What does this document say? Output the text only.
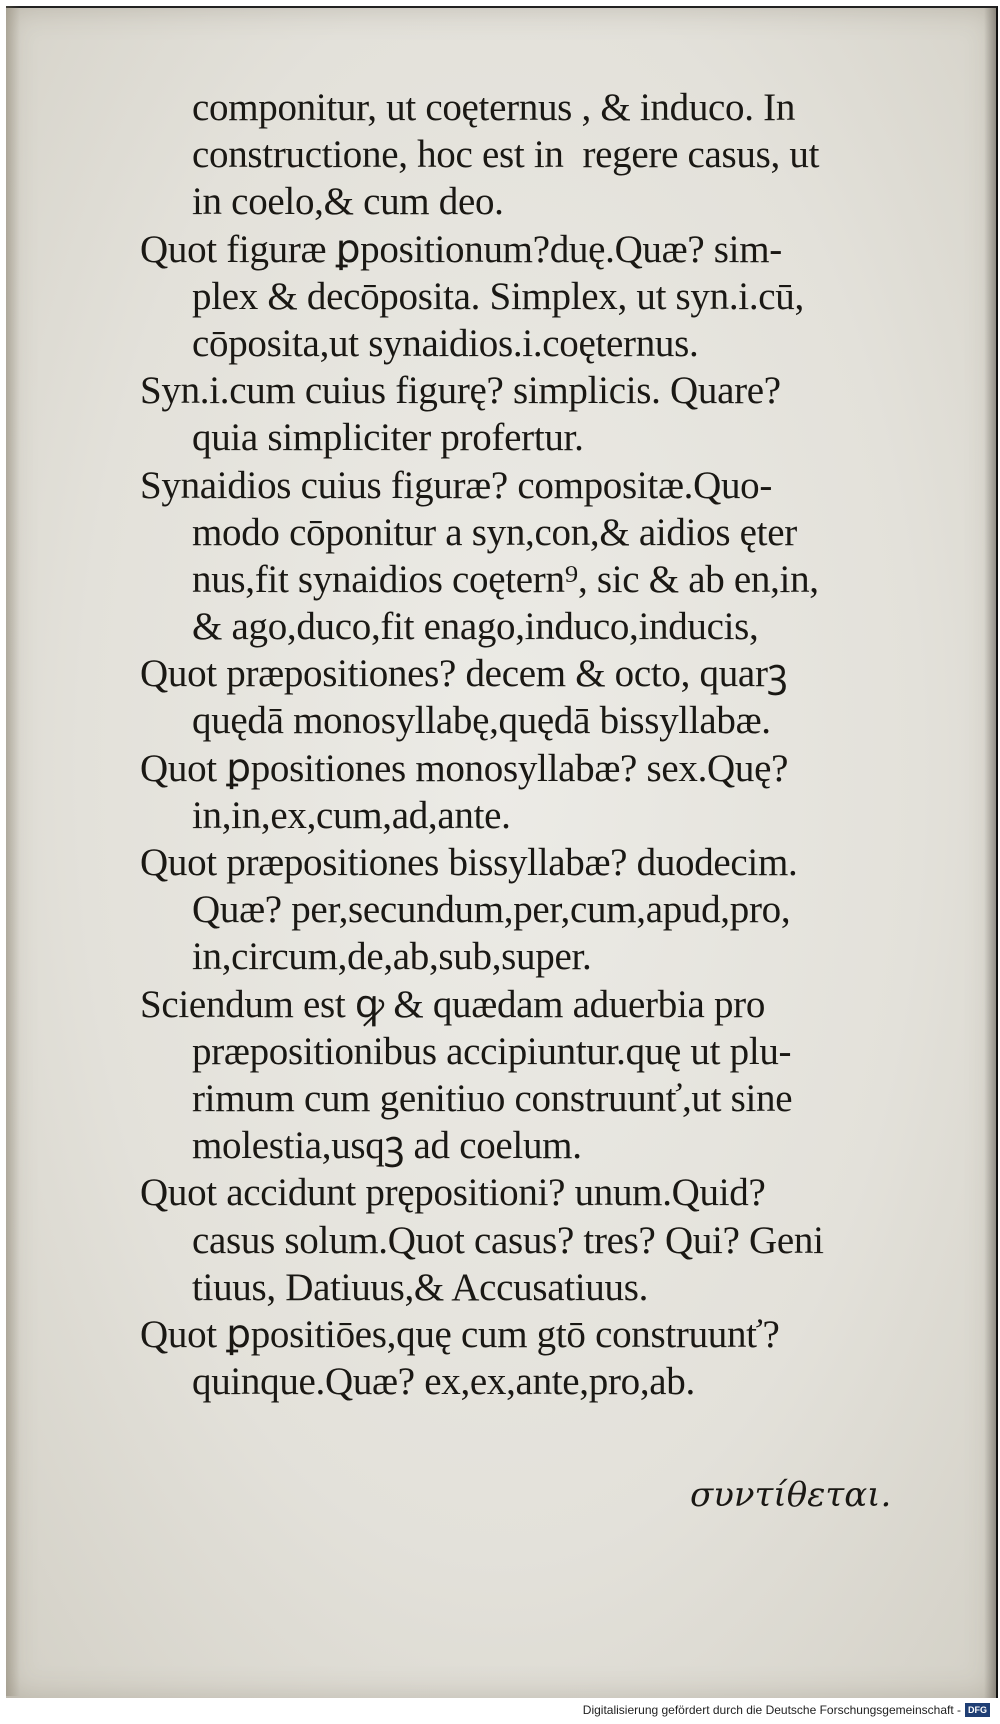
componitur, ut coęternus , & induco. In
constructione, hoc est in  regere casus, ut
in coelo,& cum deo.
Quot figuræ ꝑpositionum?duę.Quæ? sim-
plex & decōposita. Simplex, ut syn.i.cū,
cōposita,ut synaidios.i.coęternus.
Syn.i.cum cuius figurę? simplicis. Quare?
quia simpliciter profertur.
Synaidios cuius figuræ? compositæ.Quo-
modo cōponitur a syn,con,& aidios ęter
nus,fit synaidios coętern⁹, sic & ab en,in,
& ago,duco,fit enago,induco,inducis,
Quot præpositiones? decem & octo, quarꝫ
quędā monosyllabę,quędā bissyllabæ.
Quot ꝑpositiones monosyllabæ? sex.Quę?
in,in,ex,cum,ad,ante.
Quot præpositiones bissyllabæ? duodecim.
Quæ? per,secundum,per,cum,apud,pro,
in,circum,de,ab,sub,super.
Sciendum est ꝙ & quædam aduerbia pro
præpositionibus accipiuntur.quę ut plu-
rimum cum genitiuo construunť,ut sine
molestia,usqꝫ ad coelum.
Quot accidunt prępositioni? unum.Quid?
casus solum.Quot casus? tres? Qui? Geni
tiuus, Datiuus,& Accusatiuus.
Quot ꝑpositiōes,quę cum gtō construunť?
quinque.Quæ? ex,ex,ante,pro,ab.
συντίθεται.
Digitalisierung gefördert durch die Deutsche Forschungsgemeinschaft - DFG
